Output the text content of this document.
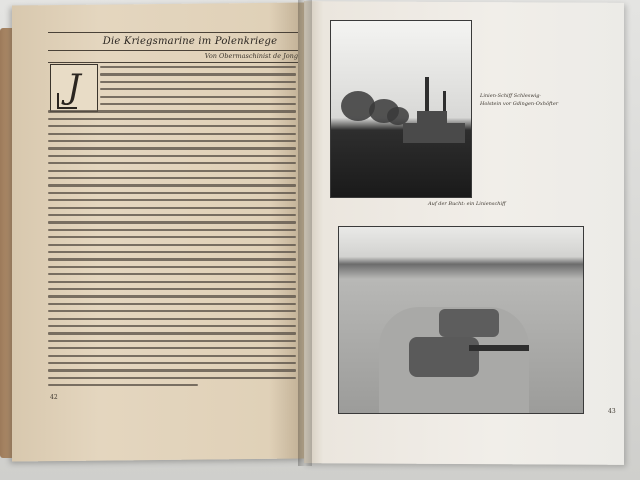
Die Kriegsmarine im Polenkriege
Von Obermaschinist de Jong
J
42
Linien-Schiff Schleswig-Holstein vor Gdingen-Oxhöfter
Auf der Bucht: ein Linienschiff
43
